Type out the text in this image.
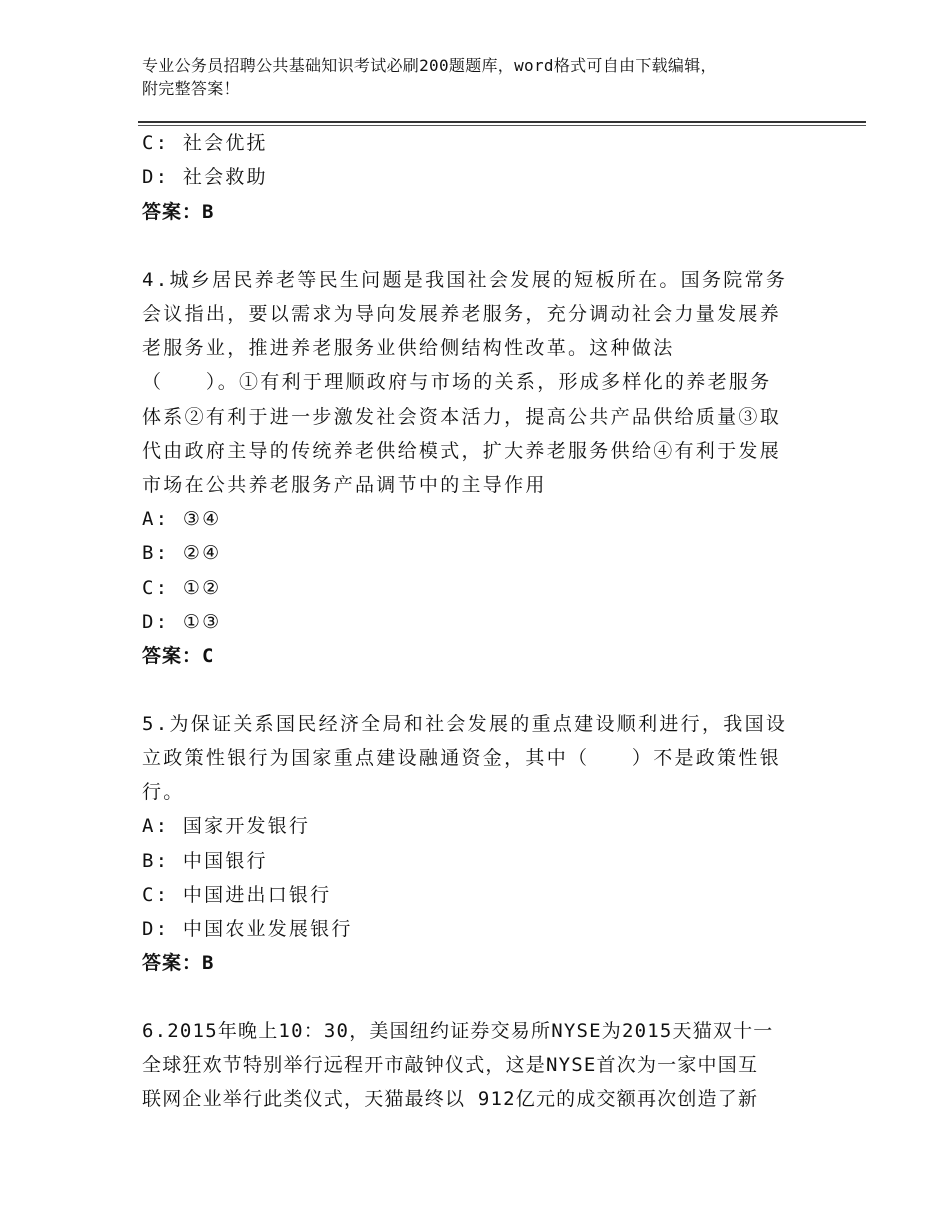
专业公务员招聘公共基础知识考试必刷200题题库，word格式可自由下载编辑，
附完整答案！
C: 社会优抚
D: 社会救助
答案：B
4.城乡居民养老等民生问题是我国社会发展的短板所在。国务院常务
会议指出，要以需求为导向发展养老服务，充分调动社会力量发展养
老服务业，推进养老服务业供给侧结构性改革。这种做法
（　　）。①有利于理顺政府与市场的关系，形成多样化的养老服务
体系②有利于进一步激发社会资本活力，提高公共产品供给质量③取
代由政府主导的传统养老供给模式，扩大养老服务供给④有利于发展
市场在公共养老服务产品调节中的主导作用
A: ③④
B: ②④
C: ①②
D: ①③
答案：C
5.为保证关系国民经济全局和社会发展的重点建设顺利进行，我国设
立政策性银行为国家重点建设融通资金，其中（　　）不是政策性银
行。
A: 国家开发银行
B: 中国银行
C: 中国进出口银行
D: 中国农业发展银行
答案：B
6.2015年晚上10：30，美国纽约证券交易所NYSE为2015天猫双十一
全球狂欢节特别举行远程开市敲钟仪式，这是NYSE首次为一家中国互
联网企业举行此类仪式，天猫最终以 912亿元的成交额再次创造了新
